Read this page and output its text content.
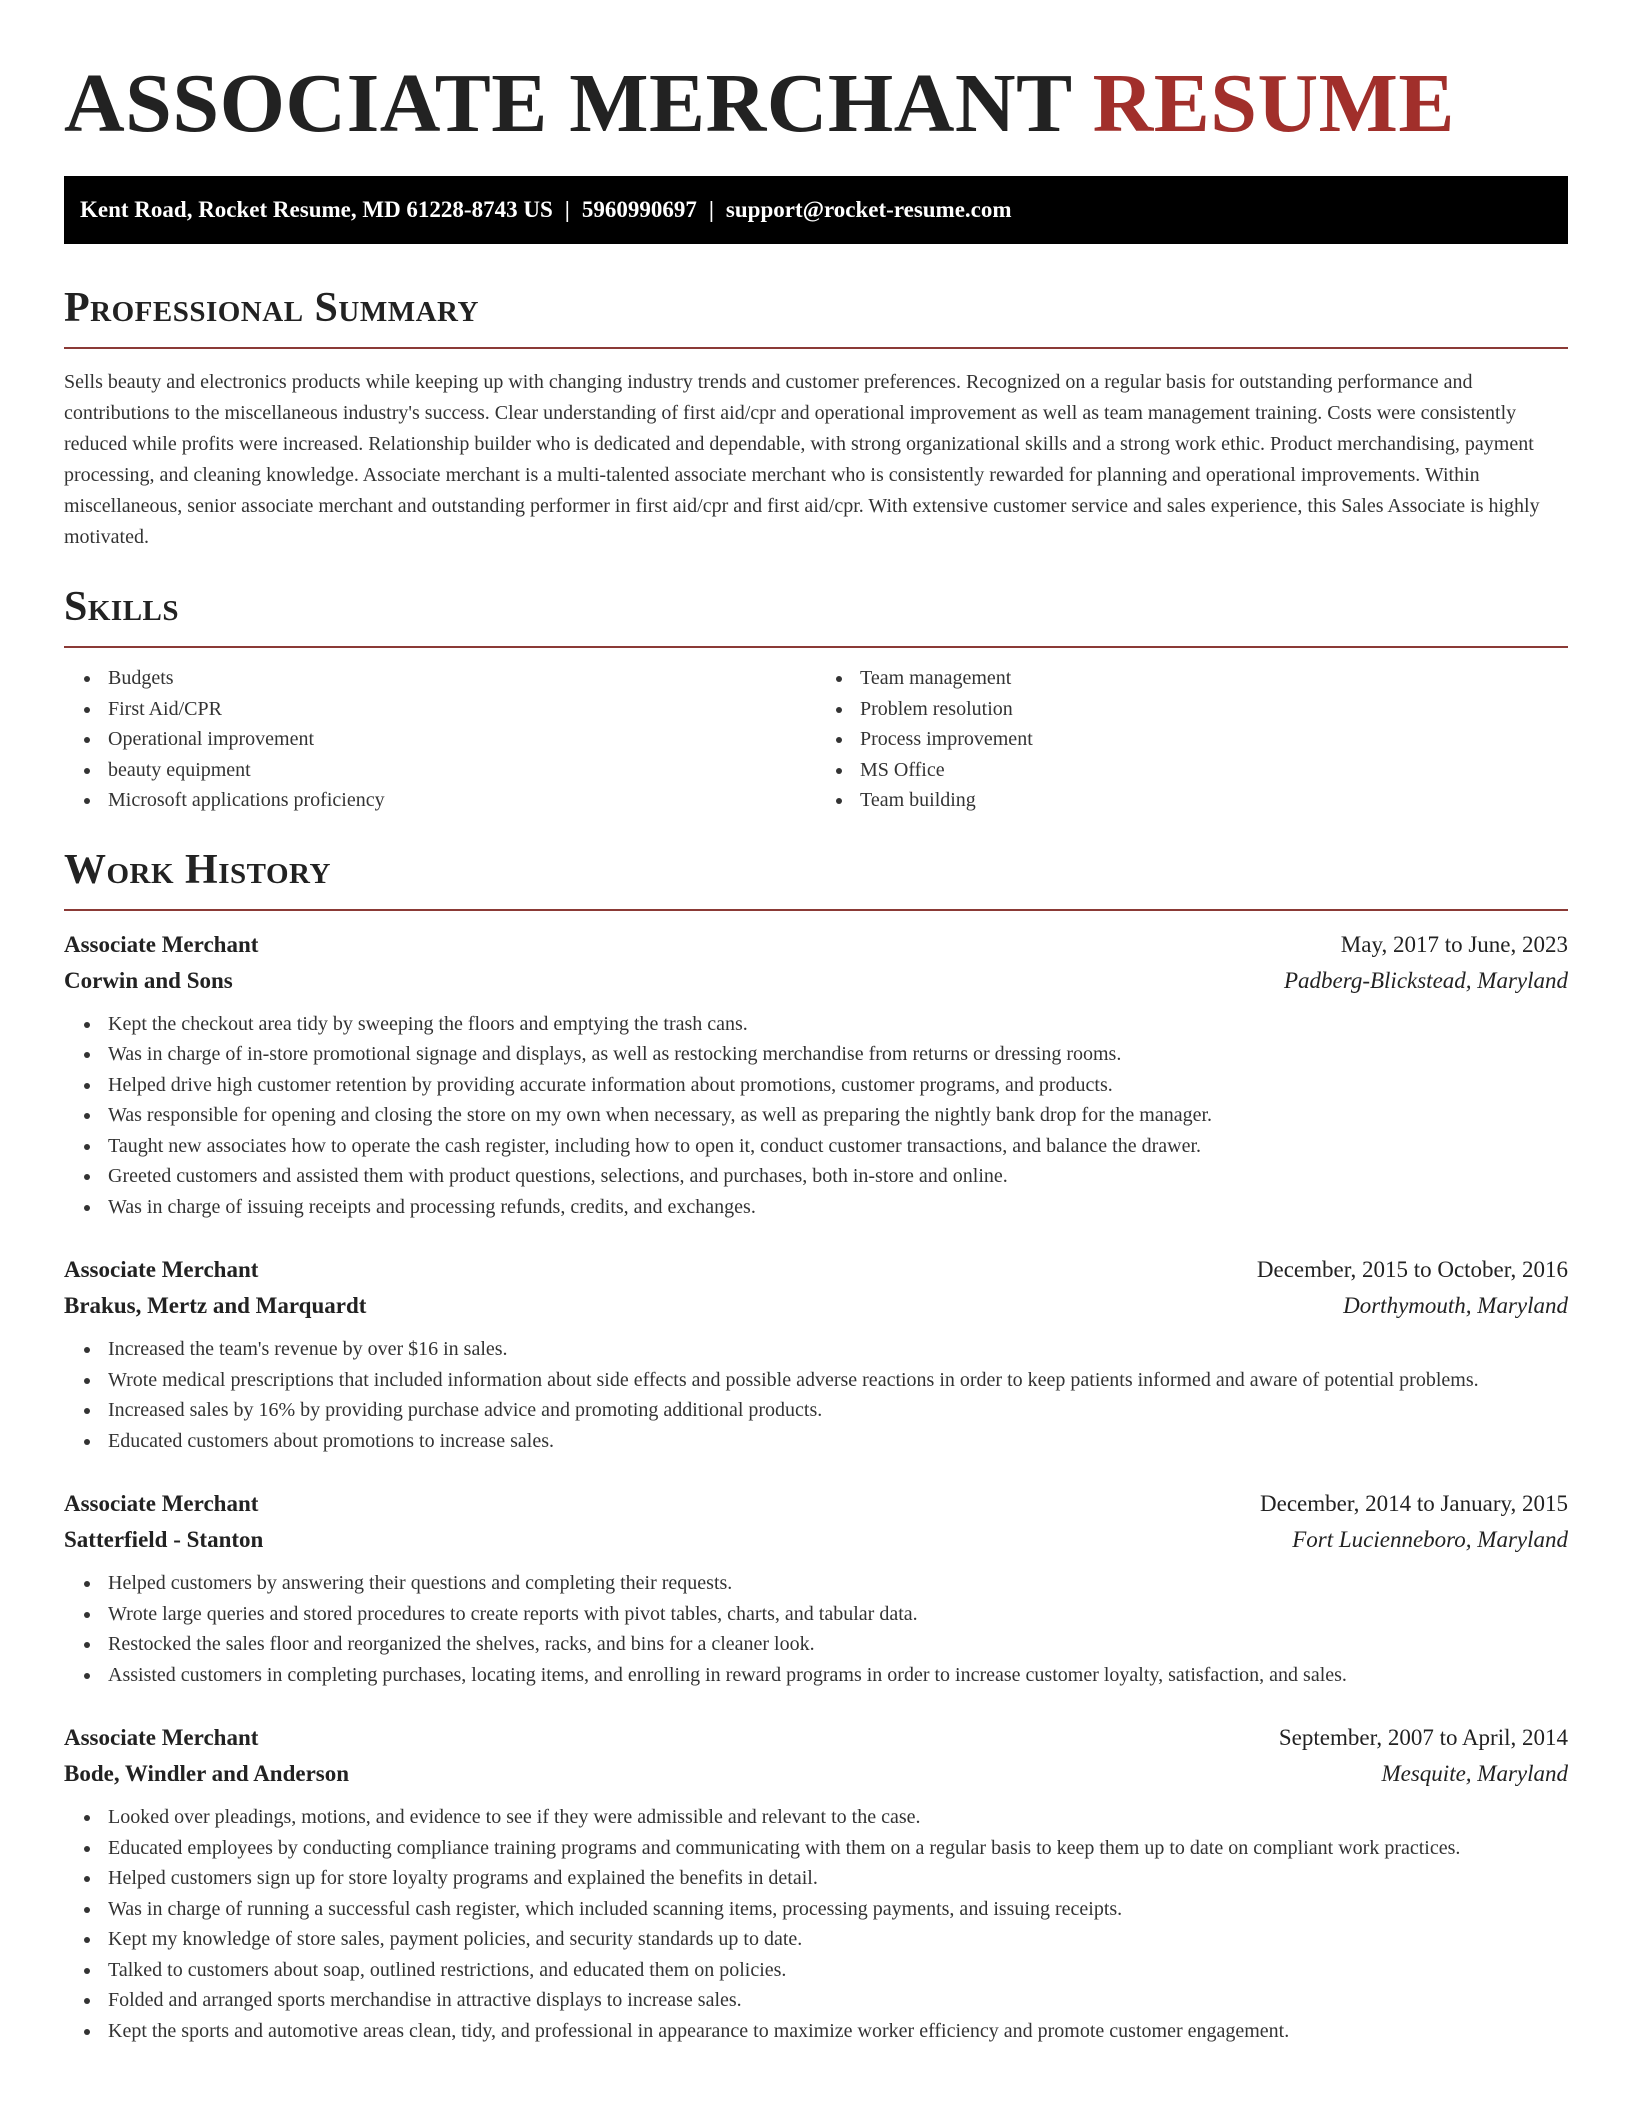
ASSOCIATE MERCHANT RESUME
Kent Road, Rocket Resume, MD 61228-8743 US | 5960990697 | support@rocket-resume.com
Professional Summary

Sells beauty and electronics products while keeping up with changing industry trends and customer preferences. Recognized on a regular basis for outstanding performance and contributions to the miscellaneous industry's success. Clear understanding of first aid/cpr and operational improvement as well as team management training. Costs were consistently reduced while profits were increased. Relationship builder who is dedicated and dependable, with strong organizational skills and a strong work ethic. Product merchandising, payment processing, and cleaning knowledge. Associate merchant is a multi-talented associate merchant who is consistently rewarded for planning and operational improvements. Within miscellaneous, senior associate merchant and outstanding performer in first aid/cpr and first aid/cpr. With extensive customer service and sales experience, this Sales Associate is highly motivated.

Skills
Budgets
First Aid/CPR
Operational improvement
beauty equipment
Microsoft applications proficiency
Team management
Problem resolution
Process improvement
MS Office
Team building
Work History
Associate Merchant	May, 2017 to June, 2023
Corwin and Sons	Padberg-Blickstead, Maryland
Kept the checkout area tidy by sweeping the floors and emptying the trash cans.
Was in charge of in-store promotional signage and displays, as well as restocking merchandise from returns or dressing rooms.
Helped drive high customer retention by providing accurate information about promotions, customer programs, and products.
Was responsible for opening and closing the store on my own when necessary, as well as preparing the nightly bank drop for the manager.
Taught new associates how to operate the cash register, including how to open it, conduct customer transactions, and balance the drawer.
Greeted customers and assisted them with product questions, selections, and purchases, both in-store and online.
Was in charge of issuing receipts and processing refunds, credits, and exchanges.
Associate Merchant	December, 2015 to October, 2016
Brakus, Mertz and Marquardt	Dorthymouth, Maryland
Increased the team's revenue by over $16 in sales.
Wrote medical prescriptions that included information about side effects and possible adverse reactions in order to keep patients informed and aware of potential problems.
Increased sales by 16% by providing purchase advice and promoting additional products.
Educated customers about promotions to increase sales.
Associate Merchant	December, 2014 to January, 2015
Satterfield - Stanton	Fort Lucienneboro, Maryland
Helped customers by answering their questions and completing their requests.
Wrote large queries and stored procedures to create reports with pivot tables, charts, and tabular data.
Restocked the sales floor and reorganized the shelves, racks, and bins for a cleaner look.
Assisted customers in completing purchases, locating items, and enrolling in reward programs in order to increase customer loyalty, satisfaction, and sales.
Associate Merchant	September, 2007 to April, 2014
Bode, Windler and Anderson	Mesquite, Maryland
Looked over pleadings, motions, and evidence to see if they were admissible and relevant to the case.
Educated employees by conducting compliance training programs and communicating with them on a regular basis to keep them up to date on compliant work practices.
Helped customers sign up for store loyalty programs and explained the benefits in detail.
Was in charge of running a successful cash register, which included scanning items, processing payments, and issuing receipts.
Kept my knowledge of store sales, payment policies, and security standards up to date.
Talked to customers about soap, outlined restrictions, and educated them on policies.
Folded and arranged sports merchandise in attractive displays to increase sales.
Kept the sports and automotive areas clean, tidy, and professional in appearance to maximize worker efficiency and promote customer engagement.
